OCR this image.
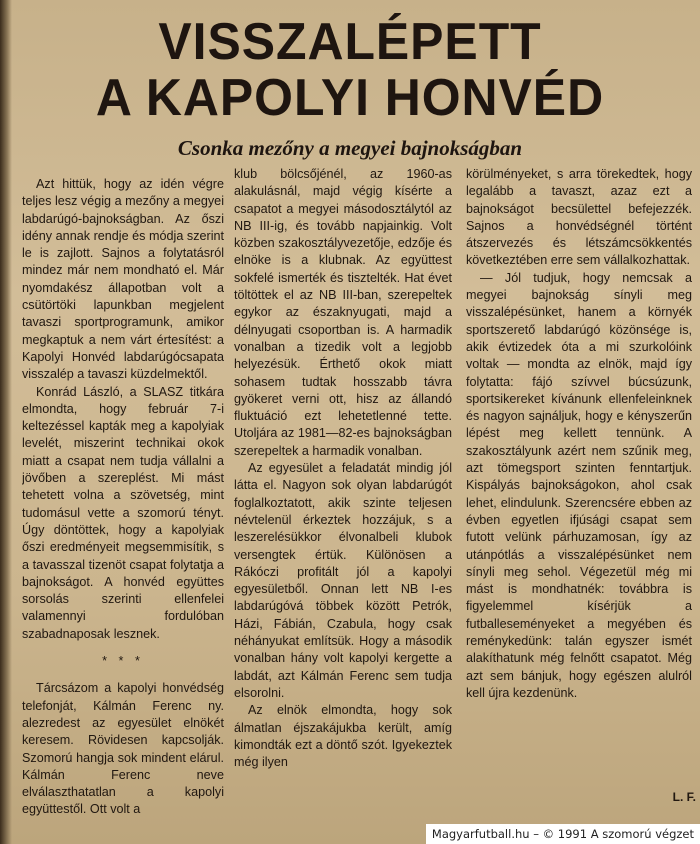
VISSZALÉPETT
A KAPOLYI HONVÉD
Csonka mezőny a megyei bajnokságban

Azt hittük, hogy az idén végre teljes lesz végig a mezőny a megyei labdarúgó-bajnokságban. Az őszi idény annak rendje és módja szerint le is zajlott. Sajnos a folytatásról mindez már nem mondható el. Már nyomdakész állapotban volt a csütörtöki lapunkban megjelent tavaszi sportprogramunk, amikor megkaptuk a nem várt értesítést: a Kapolyi Honvéd labdarúgócsapata visszalép a tavaszi küzdelmektől.

Konrád László, a SLASZ titkára elmondta, hogy február 7-i keltezéssel kapták meg a kapolyiak levelét, miszerint technikai okok miatt a csapat nem tudja vállalni a jövőben a szereplést. Mi mást tehetett volna a szövetség, mint tudomásul vette a szomorú tényt. Úgy döntöttek, hogy a kapolyiak őszi eredményeit megsemmisítik, s a tavasszal tizenöt csapat folytatja a bajnokságot. A honvéd együttes sorsolás szerinti ellenfelei valamennyi fordulóban szabadnaposak lesznek.

* * *

Tárcsázom a kapolyi honvédség telefonját, Kálmán Ferenc ny. alezredest az egyesület elnökét keresem. Rövidesen kapcsolják. Szomorú hangja sok mindent elárul. Kálmán Ferenc neve elválaszthatatlan a kapolyi együttestől. Ott volt a

klub bölcsőjénél, az 1960-as alakulásnál, majd végig kísérte a csapatot a megyei másodosztálytól az NB III-ig, és tovább napjainkig. Volt közben szakosztályvezetője, edzője és elnöke is a klubnak. Az együttest sokfelé ismerték és tisztelték. Hat évet töltöttek el az NB III-ban, szerepeltek egykor az északnyugati, majd a délnyugati csoportban is. A harmadik vonalban a tizedik volt a legjobb helyezésük. Érthető okok miatt sohasem tudtak hosszabb távra gyökeret verni ott, hisz az állandó fluktuáció ezt lehetetlenné tette. Utoljára az 1981—82-es bajnokságban szerepeltek a harmadik vonalban.

Az egyesület a feladatát mindig jól látta el. Nagyon sok olyan labdarúgót foglalkoztatott, akik szinte teljesen névtelenül érkeztek hozzájuk, s a leszerelésükkor élvonalbeli klubok versengtek értük. Különösen a Rákóczi profitált jól a kapolyi egyesületből. Onnan lett NB I-es labdarúgóvá többek között Petrók, Házi, Fábián, Czabula, hogy csak néhányukat említsük. Hogy a második vonalban hány volt kapolyi kergette a labdát, azt Kálmán Ferenc sem tudja elsorolni.

Az elnök elmondta, hogy sok álmatlan éjszakájukba került, amíg kimondták ezt a döntő szót. Igyekeztek még ilyen

körülményeket, s arra törekedtek, hogy legalább a tavaszt, azaz ezt a bajnokságot becsülettel befejezzék. Sajnos a honvédségnél történt átszervezés és létszámcsökkentés következtében erre sem vállalkozhattak.

— Jól tudjuk, hogy nemcsak a megyei bajnokság sínyli meg visszalépésünket, hanem a környék sportszerető labdarúgó közönsége is, akik évtizedek óta a mi szurkolóink voltak — mondta az elnök, majd így folytatta: fájó szívvel búcsúzunk, sportsikereket kívánunk ellenfeleinknek és nagyon sajnáljuk, hogy e kényszerűn lépést meg kellett tennünk. A szakosztályunk azért nem szűnik meg, azt tömegsport szinten fenntartjuk. Kispályás bajnokságokon, ahol csak lehet, elindulunk. Szerencsére ebben az évben egyetlen ifjúsági csapat sem futott velünk párhuzamosan, így az utánpótlás a visszalépésünket nem sínyli meg sehol. Végezetül még mi mást is mondhatnék: továbbra is figyelemmel kísérjük a futballeseményeket a megyében és reménykedünk: talán egyszer ismét alakíthatunk még felnőtt csapatot. Még azt sem bánjuk, hogy egészen alulról kell újra kezdenünk.

L. F.
Magyarfutball.hu – © 1991 A szomorú végzet
